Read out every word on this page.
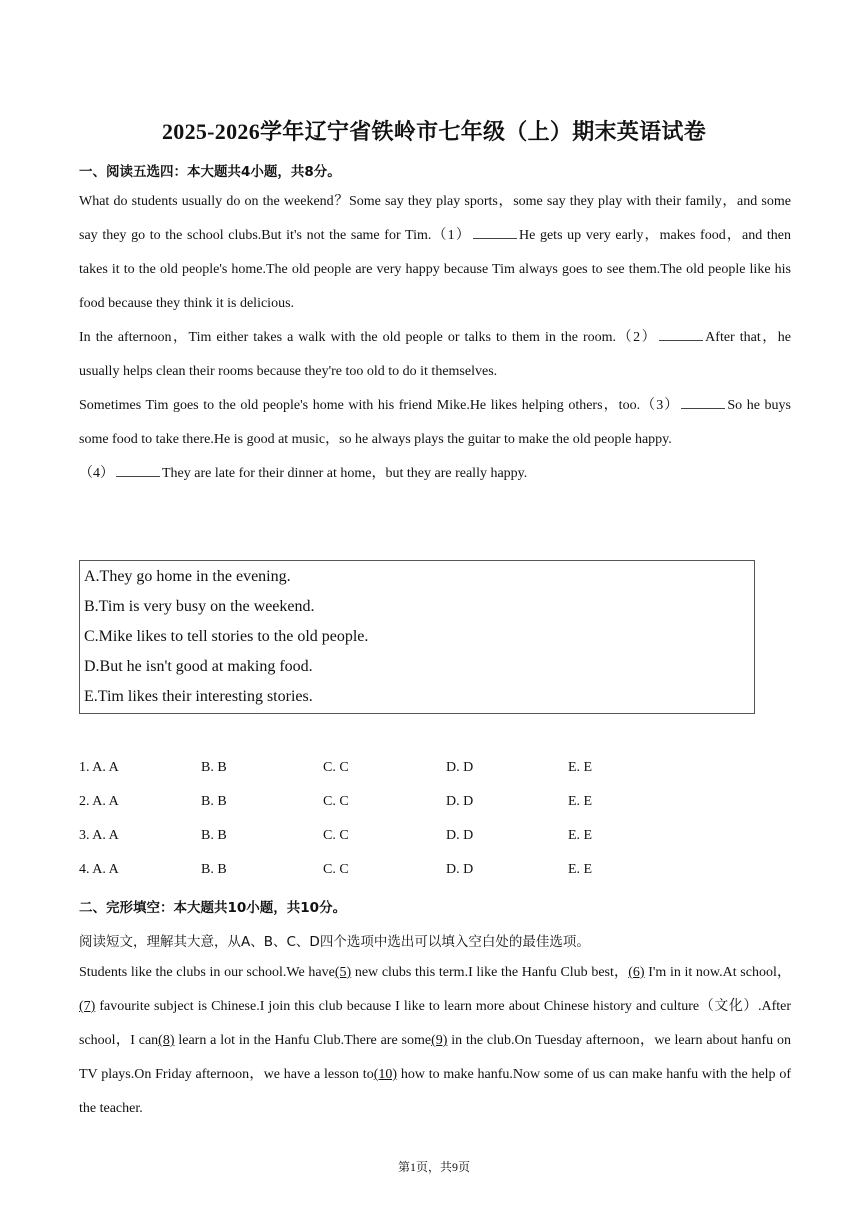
2025-2026学年辽宁省铁岭市七年级（上）期末英语试卷
一、阅读五选四：本大题共4小题，共8分。

What do students usually do on the weekend？Some say they play sports，some say they play with their family，and some say they go to the school clubs.But it's not the same for Tim.（1）	He gets up very early，makes food，and then takes it to the old people's home.The old people are very happy because Tim always goes to see them.The old people like his food because they think it is delicious.

In the afternoon，Tim either takes a walk with the old people or talks to them in the room.（2）	After that，he usually helps clean their rooms because they're too old to do it themselves.

Sometimes Tim goes to the old people's home with his friend Mike.He likes helping others，too.（3）	So he buys some food to take there.He is good at music，so he always plays the guitar to make the old people happy.

（4）	They are late for their dinner at home，but they are really happy.

A.They go home in the evening.
B.Tim is very busy on the weekend.
C.Mike likes to tell stories to the old people.
D.But he isn't good at making food.
E.Tim likes their interesting stories.
1. A. A	B. B	C. C	D. D	E. E
2. A. A	B. B	C. C	D. D	E. E
3. A. A	B. B	C. C	D. D	E. E
4. A. A	B. B	C. C	D. D	E. E
二、完形填空：本大题共10小题，共10分。
阅读短文，理解其大意，从A、B、C、D四个选项中选出可以填入空白处的最佳选项。

Students like the clubs in our school.We have(5) new clubs this term.I like the Hanfu Club best，(6) I'm in it now.At school，(7) favourite subject is Chinese.I join this club because I like to learn more about Chinese history and culture（文化）.After school，I can(8) learn a lot in the Hanfu Club.There are some(9) in the club.On Tuesday afternoon，we learn about hanfu on TV plays.On Friday afternoon，we have a lesson to(10) how to make hanfu.Now some of us can make hanfu with the help of the teacher.

第1页，共9页
